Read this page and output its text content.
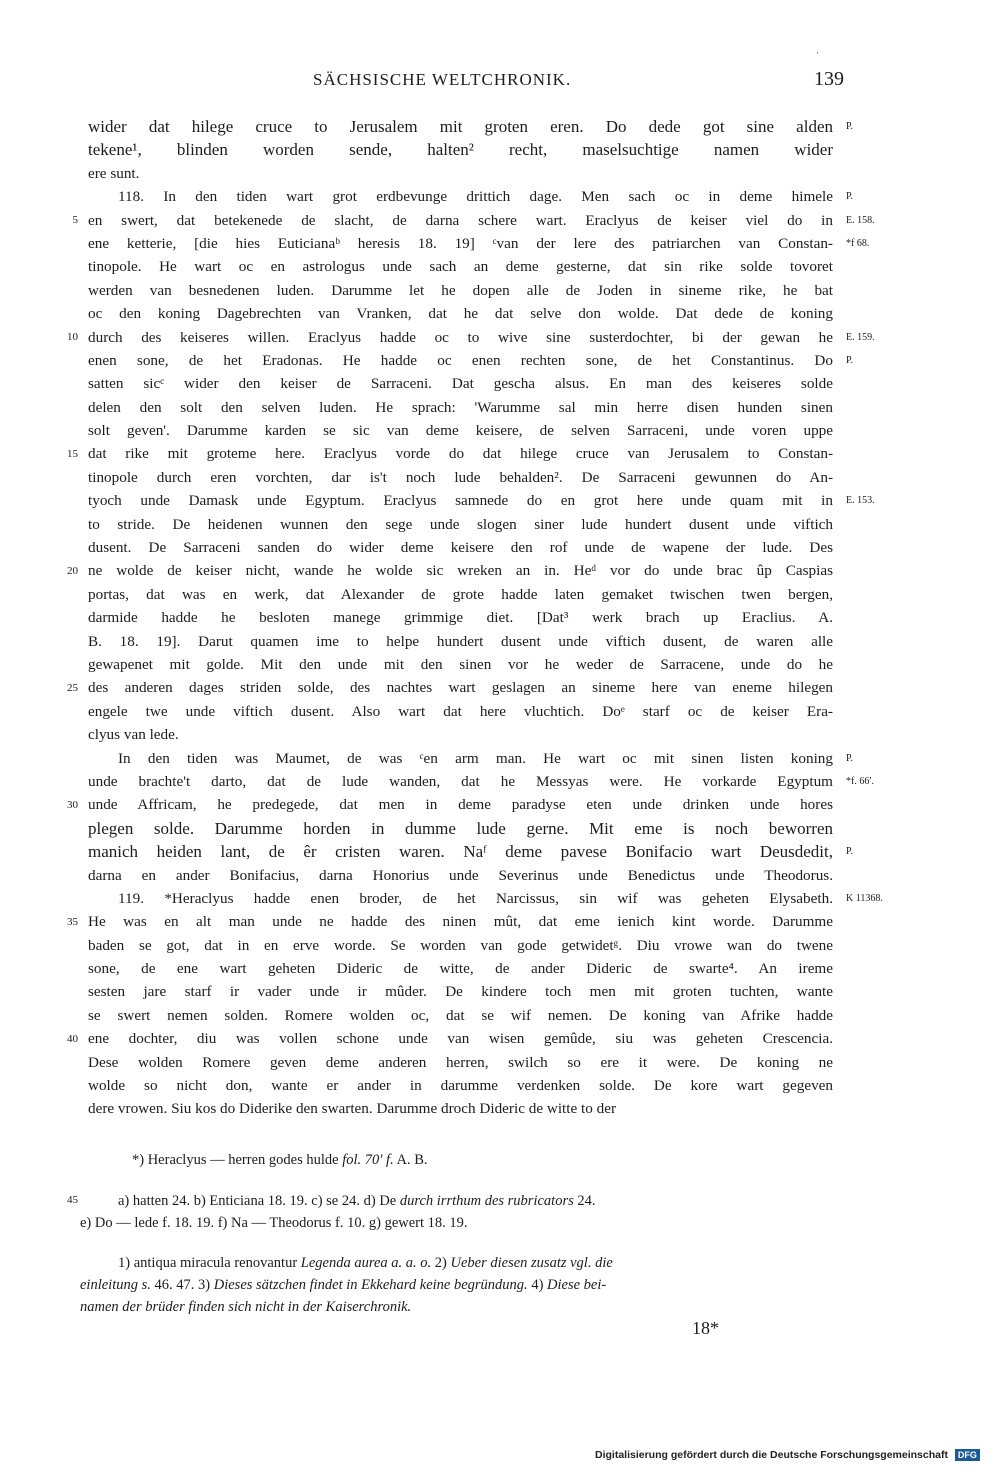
·
SÄCHSISCHE WELTCHRONIK.	139
wider dat hilege cruce to Jerusalem mit groten eren. Do dede got sine alden
tekene¹, blinden worden sende, halten² recht, maselsuchtige namen wider
ere sunt.
118. In den tiden wart grot erdbevunge drittich dage. Men sach oc in deme himele
en swert, dat betekenede de slacht, de darna schere wart. Eraclyus de keiser viel do in
ene ketterie, [die hies Euticianaᵇ heresis 18. 19] ᶜvan der lere des patriarchen van Constan-
tinopole. He wart oc en astrologus unde sach an deme gesterne, dat sin rike solde tovoret
werden van besnedenen luden. Darumme let he dopen alle de Joden in sineme rike, he bat
oc den koning Dagebrechten van Vranken, dat he dat selve don wolde. Dat dede de koning
durch des keiseres willen. Eraclyus hadde oc to wive sine susterdochter, bi der gewan he
enen sone, de het Eradonas. He hadde oc enen rechten sone, de het Constantinus. Do
satten sicᶜ wider den keiser de Sarraceni. Dat gescha alsus. En man des keiseres solde
delen den solt den selven luden. He sprach: 'Warumme sal min herre disen hunden sinen
solt geven'. Darumme karden se sic van deme keisere, de selven Sarraceni, unde voren uppe
dat rike mit groteme here. Eraclyus vorde do dat hilege cruce van Jerusalem to Constan-
tinopole durch eren vorchten, dar is't noch lude behalden². De Sarraceni gewunnen do An-
tyoch unde Damask unde Egyptum. Eraclyus samnede do en grot here unde quam mit in
to stride. De heidenen wunnen den sege unde slogen siner lude hundert dusent unde viftich
dusent. De Sarraceni sanden do wider deme keisere den rof unde de wapene der lude. Des
ne wolde de keiser nicht, wande he wolde sic wreken an in. Heᵈ vor do unde brac ûp Caspias
portas, dat was en werk, dat Alexander de grote hadde laten gemaket twischen twen bergen,
darmide hadde he besloten manege grimmige diet. [Dat³ werk brach up Eraclius. A.
B. 18. 19]. Darut quamen ime to helpe hundert dusent unde viftich dusent, de waren alle
gewapenet mit golde. Mit den unde mit den sinen vor he weder de Sarracene, unde do he
des anderen dages striden solde, des nachtes wart geslagen an sineme here van eneme hilegen
engele twe unde viftich dusent. Also wart dat here vluchtich. Doᵉ starf oc de keiser Era-
clyus van lede.
In den tiden was Maumet, de was ᶜen arm man. He wart oc mit sinen listen koning
unde brachte't darto, dat de lude wanden, dat he Messyas were. He vorkarde Egyptum
unde Affricam, he predegede, dat men in deme paradyse eten unde drinken unde hores
plegen solde. Darumme horden in dumme lude gerne. Mit eme is noch beworren
manich heiden lant, de êr cristen waren. Naᶠ deme pavese Bonifacio wart Deusdedit,
darna en ander Bonifacius, darna Honorius unde Severinus unde Benedictus unde Theodorus.
119. *Heraclyus hadde enen broder, de het Narcissus, sin wif was geheten Elysabeth.
He was en alt man unde ne hadde des ninen mût, dat eme ienich kint worde. Darumme
baden se got, dat in en erve worde. Se worden van gode getwidetᵍ. Diu vrowe wan do twene
sone, de ene wart geheten Dideric de witte, de ander Dideric de swarte⁴. An ireme
sesten jare starf ir vader unde ir mûder. De kindere toch men mit groten tuchten, wante
se swert nemen solden. Romere wolden oc, dat se wif nemen. De koning van Afrike hadde
ene dochter, diu was vollen schone unde van wisen gemûde, siu was geheten Crescencia.
Dese wolden Romere geven deme anderen herren, swilch so ere it were. De koning ne
wolde so nicht don, wante er ander in darumme verdenken solde. De kore wart gegeven
dere vrowen. Siu kos do Diderike den swarten. Darumme droch Dideric de witte to der
P.
P.
5	E. 158.
*f 68.
10	E. 159.
P.
15
E. 153.
20
25
P.
*f. 66′.
30
P.
K 11368.
35
40
*) Heraclyus — herren godes hulde fol. 70′ f. A. B.
45	a) hatten 24. b) Enticiana 18. 19. c) se 24. d) De durch irrthum des rubricators 24.
e) Do — lede f. 18. 19. f) Na — Theodorus f. 10. g) gewert 18. 19.
1) antiqua miracula renovantur Legenda aurea a. a. o. 2) Ueber diesen zusatz vgl. die
einleitung s. 46. 47. 3) Dieses sätzchen findet in Ekkehard keine begründung. 4) Diese bei-
namen der brüder finden sich nicht in der Kaiserchronik.
18*
Digitalisierung gefördert durch die Deutsche Forschungsgemeinschaft DFG
